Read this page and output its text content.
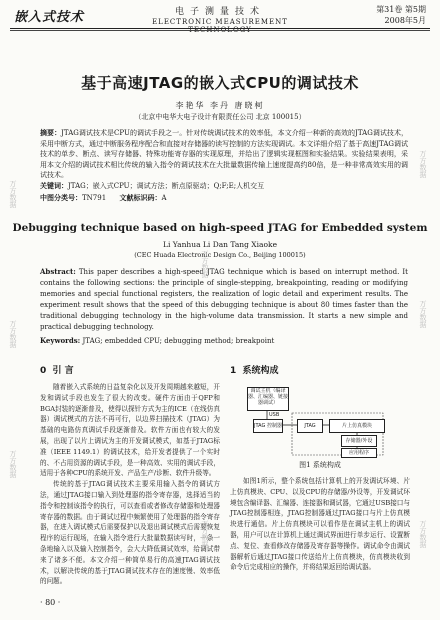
嵌入式技术	电子测量技术
ELECTRONIC MEASUREMENT TECHNOLOGY
第31卷 第5期
2008年5月
基于高速JTAG的嵌入式CPU的调试技术
李艳华 李丹 唐晓柯
（北京中电华大电子设计有限责任公司 北京 100015）
摘要：JTAG调试技术是CPU的调试手段之一。针对传统调试技术的效率低，本文介绍一种新的高效的JTAG调试技术，采用中断方式，通过中断服务程序配合和直接对存储器的读写控制的方法实现调试。本文详细介绍了基于高速JTAG调试技术的单步、断点、读写存储器、特殊功能寄存器的实现原理，并给出了逻辑实现框图和实验结果。实验结果表明，采用本文介绍的调试技术相比传统的输入指令的调试技术在大批量数据传输上速度提高约80倍，是一种非常高效实用的调试技术。
关键词：JTAG；嵌入式CPU；调试方法；断点原驱动；Q;F;E;人机交互
中图分类号：TN791 文献标识码：A
Debugging technique based on high-speed JTAG for Embedded system
Li Yanhua Li Dan Tang Xiaoke
(CEC Huada Electronic Design Co., Beijing 100015)
Abstract: This paper describes a high-speed JTAG technique which is based on interrupt method. It contains the following sections: the principle of single-stepping, breakpointing, reading or modifying memories and special functional registers, the realization of logic detail and experiment results. The experiment result shows that the speed of this debugging technique is about 80 times faster than the traditional debugging technology in the high-volume data transmission. It starts a new simple and practical debugging technology.
Keywords: JTAG; embedded CPU; debugging method; breakpoint
0 引 言	1 系统构成
随着嵌入式系统的日益复杂化以及开发周期越来越短，开发和调试手段也发生了很大的改变。硬件方面由于QFP和BGA封装的逐渐普及，使得以探针方式为主的ICE（在线仿真器）调试模式的方法不再可行，以边界扫描技术（JTAG）为基础的电路仿真调试手段逐渐普及。软件方面也有较大的发展，出现了以片上调试为主的开发调试模式，如基于JTAG标准（IEEE 1149.1）的调试技术，给开发者提供了一个实时的、不占用资源的调试手段，是一种高效、实用的调试手段，适用于各种CPU的系统开发、产品生产/诊断、软件升级等。
传统的基于JTAG调试技术主要采用输入指令的调试方法，通过JTAG接口输入到处理器的指令寄存器，选择适当的指令和控制该指令的执行，可以查看或者修改存储器和处理器寄存器的数据。由于调试过程中频繁使用了处理器的指令寄存器，在进入调试模式后需要保护以及退出调试模式后需要恢复程序的运行现场，在输入指令进行大批量数据读写时，一条一条地输入以及输入控制指令，会大大降低调试效率，给调试带来了诸多不便。本文介绍一种简单易行的高速JTAG调试技术，以解决传统的基于JTAG调试技术存在的速度慢、效率低的问题。
调试主机（编译器、汇编器、链接器调试）
JTAG 控制器	JTAG	片上仿真模块
存储器/外设
应用程序
USB
图1 系统构成
如图1所示，整个系统包括计算机上的开发调试环境、片上仿真模块、CPU、以及CPU的存储器/外设等，开发调试环境包含编译器、汇编器、连接器和调试器，它通过USB接口与JTAG控制器相连，JTAG控制器通过JTAG接口与片上仿真模块进行通信。片上仿真模块可以看作是在调试主机上的调试器，用户可以在计算机上通过调试界面进行单步运行、设置断点、复位、查看修改存储器及寄存器等操作。调试命令由调试器解析后通过JTAG接口传送给片上仿真模块，仿真模块收到命令后完成相应的操作，并将结果返回给调试器。
· 80 ·
万方数据
万方数据
万方数据
万方数据
万方数据
万方数据
万方数据
万方数据
